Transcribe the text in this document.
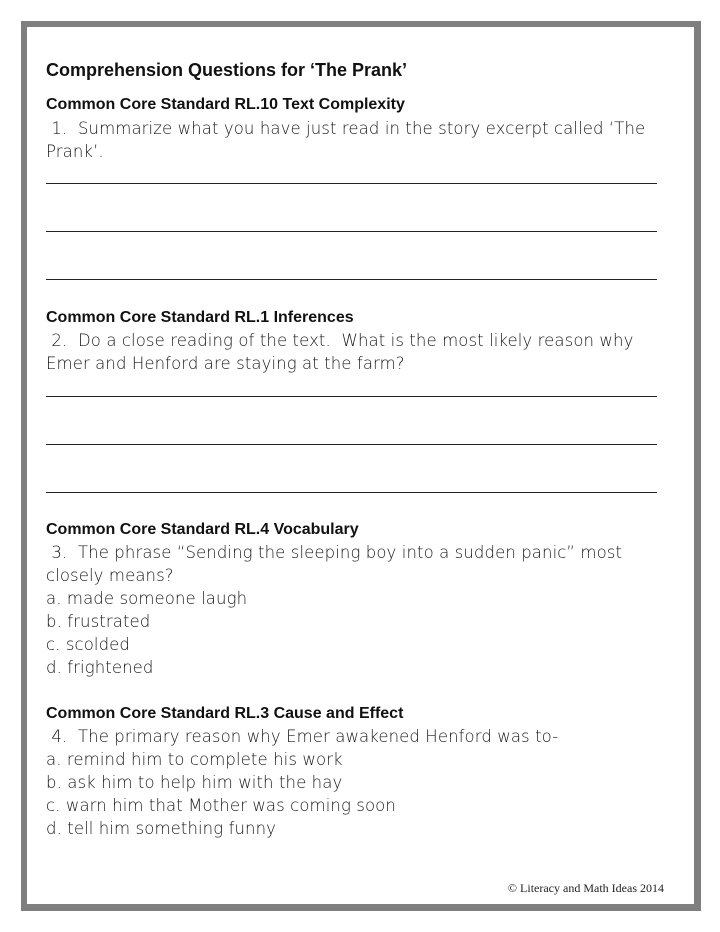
Comprehension Questions for ‘The Prank’
Common Core Standard RL.10 Text Complexity
1.  Summarize what you have just read in the story excerpt called ‘The
Prank’.
Common Core Standard RL.1 Inferences
2.  Do a close reading of the text.  What is the most likely reason why
Emer and Henford are staying at the farm?
Common Core Standard RL.4 Vocabulary
3.  The phrase “Sending the sleeping boy into a sudden panic” most
closely means?
a. made someone laugh
b. frustrated
c. scolded
d. frightened
Common Core Standard RL.3 Cause and Effect
4.  The primary reason why Emer awakened Henford was to-
a. remind him to complete his work
b. ask him to help him with the hay
c. warn him that Mother was coming soon
d. tell him something funny
© Literacy and Math Ideas 2014
